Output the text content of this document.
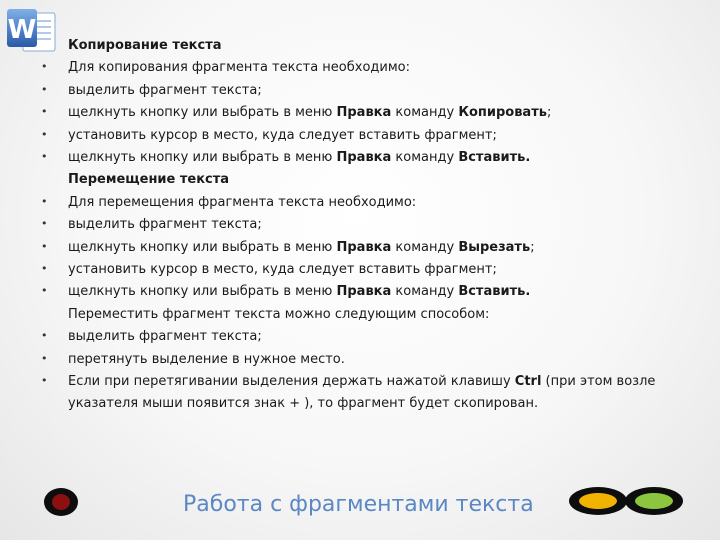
W
Копирование текста
• Для копирования фрагмента текста необходимо:
• выделить фрагмент текста;
• щелкнуть кнопку или выбрать в меню Правка команду Копировать;
• установить курсор в место, куда следует вставить фрагмент;
• щелкнуть кнопку или выбрать в меню Правка команду Вставить.
Перемещение текста
• Для перемещения фрагмента текста необходимо:
• выделить фрагмент текста;
• щелкнуть кнопку или выбрать в меню Правка команду Вырезать;
• установить курсор в место, куда следует вставить фрагмент;
• щелкнуть кнопку или выбрать в меню Правка команду Вставить.
Переместить фрагмент текста можно следующим способом:
• выделить фрагмент текста;
• перетянуть выделение в нужное место.
• Если при перетягивании выделения держать нажатой клавишу Ctrl (при этом возле
указателя мыши появится знак + ), то фрагмент будет скопирован.
Работа с фрагментами текста
